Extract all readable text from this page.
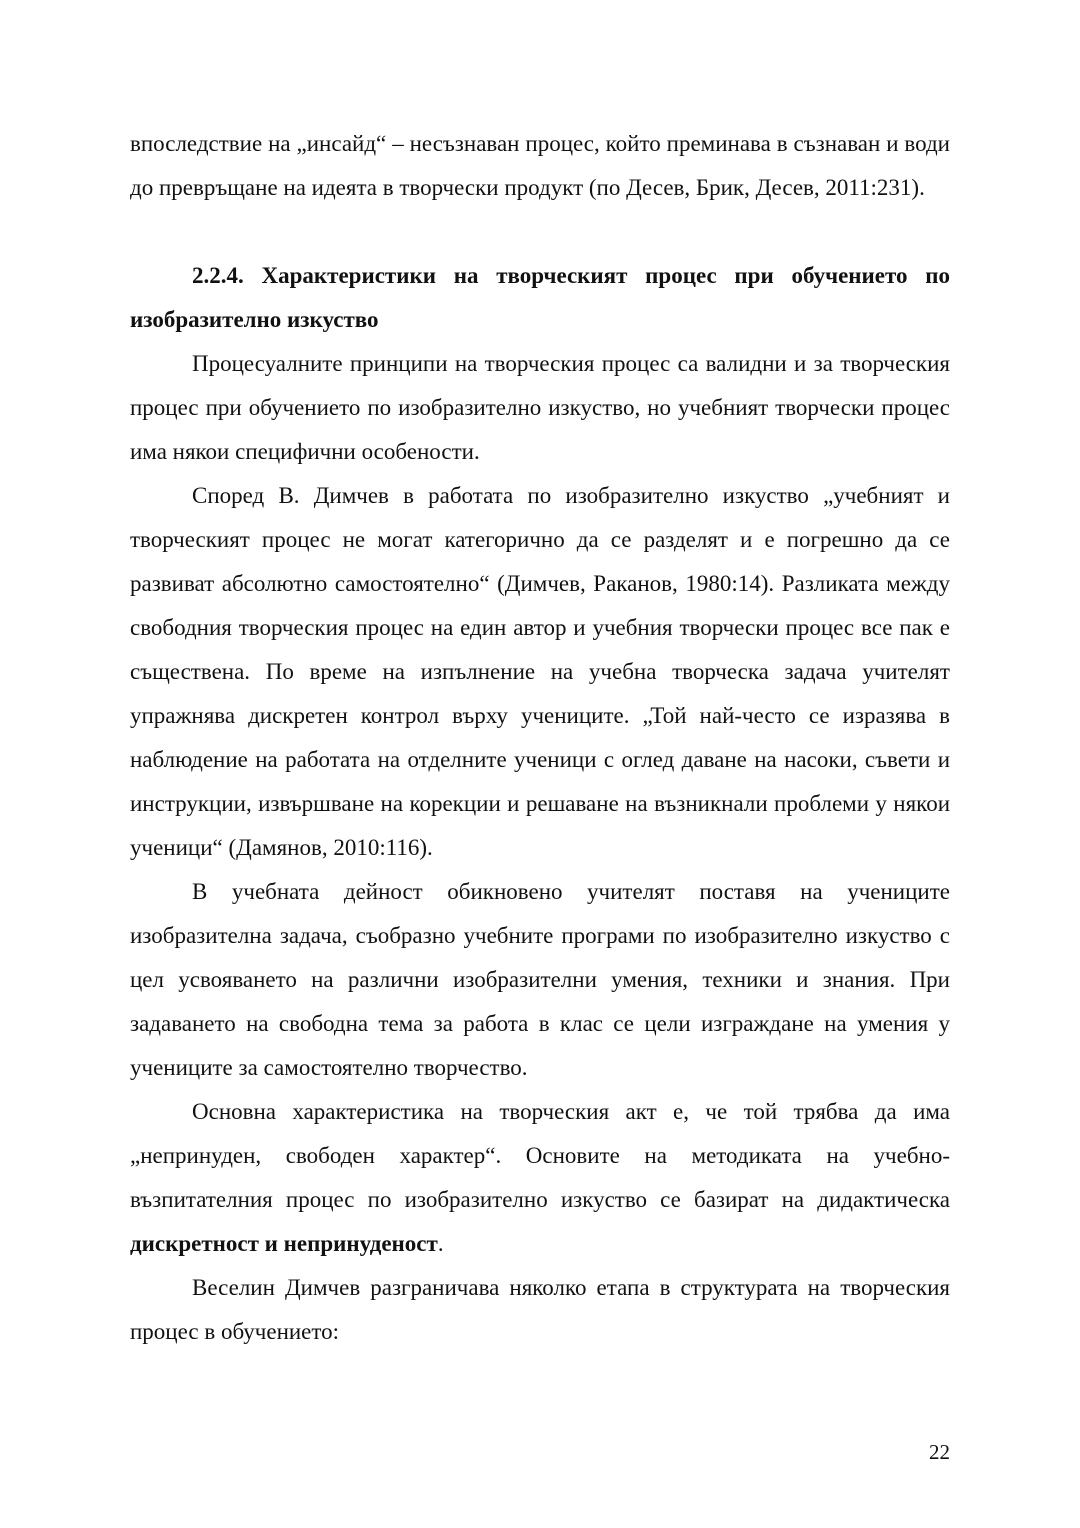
впоследствие на „инсайд“ – несъзнаван процес, който преминава в съзнаван и води до превръщане на идеята в творчески продукт (по Десев, Брик, Десев, 2011:231).

2.2.4. Характеристики на творческият процес при обучението по изобразително изкуство

Процесуалните принципи на творческия процес са валидни и за творческия процес при обучението по изобразително изкуство, но учебният творчески процес има някои специфични особености.

Според В. Димчев в работата по изобразително изкуство „учебният и творческият процес не могат категорично да се разделят и е погрешно да се развиват абсолютно самостоятелно“ (Димчев, Раканов, 1980:14). Разликата между свободния творческия процес на един автор и учебния творчески процес все пак е съществена. По време на изпълнение на учебна творческа задача учителят упражнява дискретен контрол върху учениците. „Той най-често се изразява в наблюдение на работата на отделните ученици с оглед даване на насоки, съвети и инструкции, извършване на корекции и решаване на възникнали проблеми у някои ученици“ (Дамянов, 2010:116).

В учебната дейност обикновено учителят поставя на учениците изобразителна задача, съобразно учебните програми по изобразително изкуство с цел усвояването на различни изобразителни умения, техники и знания. При задаването на свободна тема за работа в клас се цели изграждане на умения у учениците за самостоятелно творчество.

Основна характеристика на творческия акт е, че той трябва да има „непринуден, свободен характер“. Основите на методиката на учебно-възпитателния процес по изобразително изкуство се базират на дидактическа дискретност и непринуденост.

Веселин Димчев разграничава няколко етапа в структурата на творческия процес в обучението:

22
